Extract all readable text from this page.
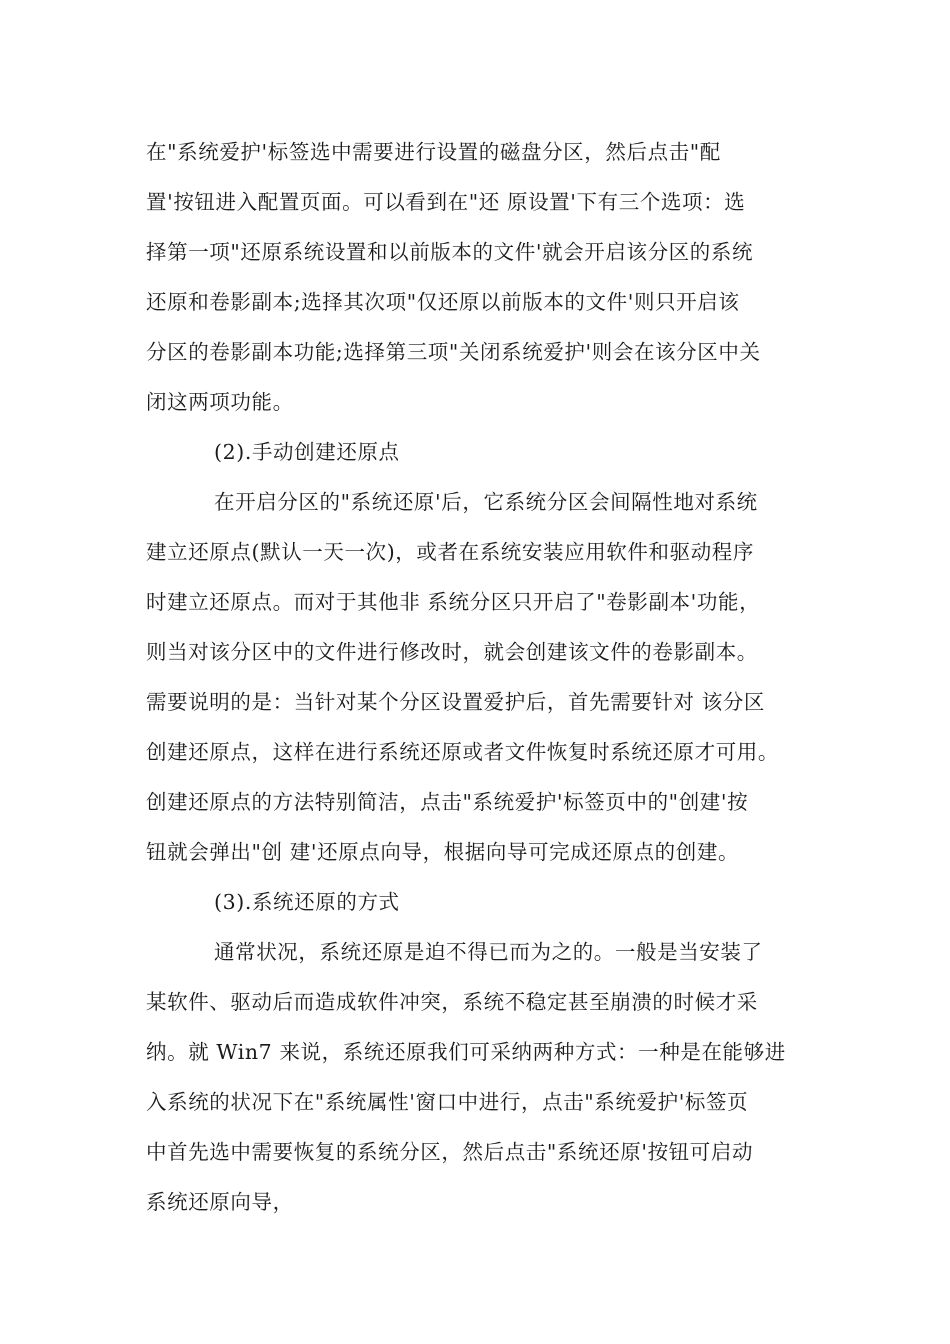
在"系统爱护'标签选中需要进行设置的磁盘分区，然后点击"配
置'按钮进入配置页面。可以看到在"还 原设置'下有三个选项：选
择第一项"还原系统设置和以前版本的文件'就会开启该分区的系统
还原和卷影副本;选择其次项"仅还原以前版本的文件'则只开启该
分区的卷影副本功能;选择第三项"关闭系统爱护'则会在该分区中关
闭这两项功能。
(2).手动创建还原点
在开启分区的"系统还原'后，它系统分区会间隔性地对系统
建立还原点(默认一天一次)，或者在系统安装应用软件和驱动程序
时建立还原点。而对于其他非 系统分区只开启了"卷影副本'功能，
则当对该分区中的文件进行修改时，就会创建该文件的卷影副本。
需要说明的是：当针对某个分区设置爱护后，首先需要针对 该分区
创建还原点，这样在进行系统还原或者文件恢复时系统还原才可用。
创建还原点的方法特别简洁，点击"系统爱护'标签页中的"创建'按
钮就会弹出"创 建'还原点向导，根据向导可完成还原点的创建。
(3).系统还原的方式
通常状况，系统还原是迫不得已而为之的。一般是当安装了
某软件、驱动后而造成软件冲突，系统不稳定甚至崩溃的时候才采
纳。就 Win7 来说，系统还原我们可采纳两种方式：一种是在能够进
入系统的状况下在"系统属性'窗口中进行，点击"系统爱护'标签页
中首先选中需要恢复的系统分区，然后点击"系统还原'按钮可启动
系统还原向导，
